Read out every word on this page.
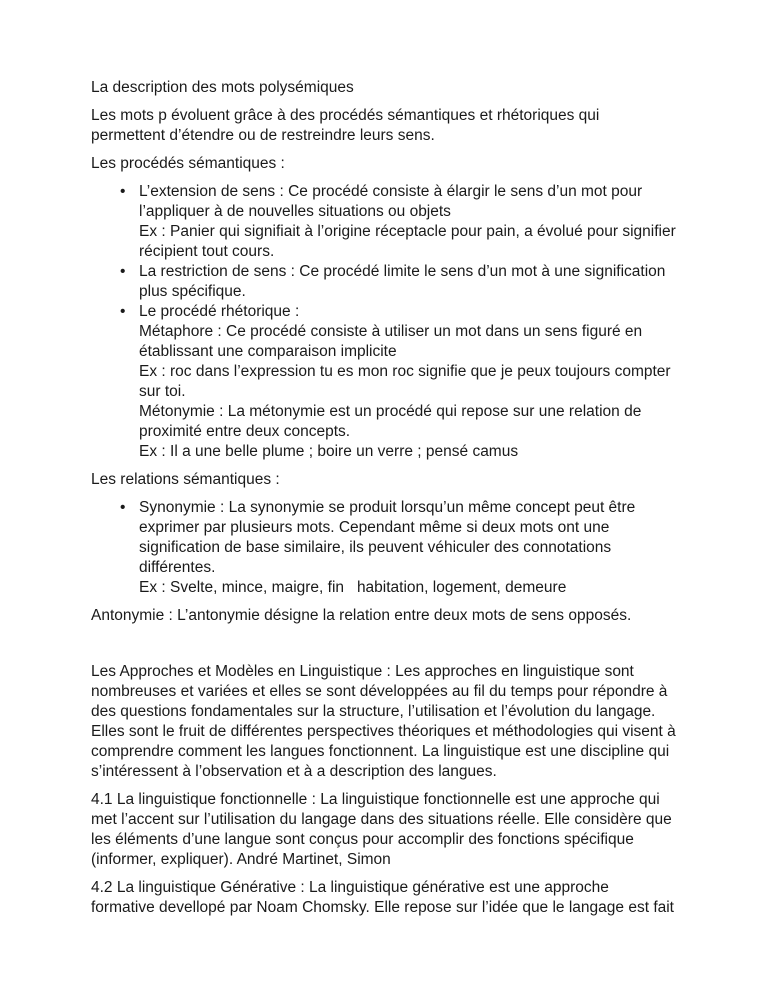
La description des mots polysémiques
Les mots p évoluent grâce à des procédés sémantiques et rhétoriques qui
permettent d’étendre ou de restreindre leurs sens.
Les procédés sémantiques :
• L’extension de sens : Ce procédé consiste à élargir le sens d’un mot pour
l’appliquer à de nouvelles situations ou objets
Ex : Panier qui signifiait à l’origine réceptacle pour pain, a évolué pour signifier
récipient tout cours.
• La restriction de sens : Ce procédé limite le sens d’un mot à une signification
plus spécifique.
• Le procédé rhétorique :
Métaphore : Ce procédé consiste à utiliser un mot dans un sens figuré en
établissant une comparaison implicite
Ex : roc dans l’expression tu es mon roc signifie que je peux toujours compter
sur toi.
Métonymie : La métonymie est un procédé qui repose sur une relation de
proximité entre deux concepts.
Ex : Il a une belle plume ; boire un verre ; pensé camus
Les relations sémantiques :
• Synonymie : La synonymie se produit lorsqu’un même concept peut être
exprimer par plusieurs mots. Cependant même si deux mots ont une
signification de base similaire, ils peuvent véhiculer des connotations
différentes.
Ex : Svelte, mince, maigre, fin   habitation, logement, demeure
Antonymie : L’antonymie désigne la relation entre deux mots de sens opposés.
Les Approches et Modèles en Linguistique : Les approches en linguistique sont
nombreuses et variées et elles se sont développées au fil du temps pour répondre à
des questions fondamentales sur la structure, l’utilisation et l’évolution du langage.
Elles sont le fruit de différentes perspectives théoriques et méthodologies qui visent à
comprendre comment les langues fonctionnent. La linguistique est une discipline qui
s’intéressent à l’observation et à a description des langues.
4.1 La linguistique fonctionnelle : La linguistique fonctionnelle est une approche qui
met l’accent sur l’utilisation du langage dans des situations réelle. Elle considère que
les éléments d’une langue sont conçus pour accomplir des fonctions spécifique
(informer, expliquer). André Martinet, Simon
4.2 La linguistique Générative : La linguistique générative est une approche
formative devellopé par Noam Chomsky. Elle repose sur l’idée que le langage est fait
